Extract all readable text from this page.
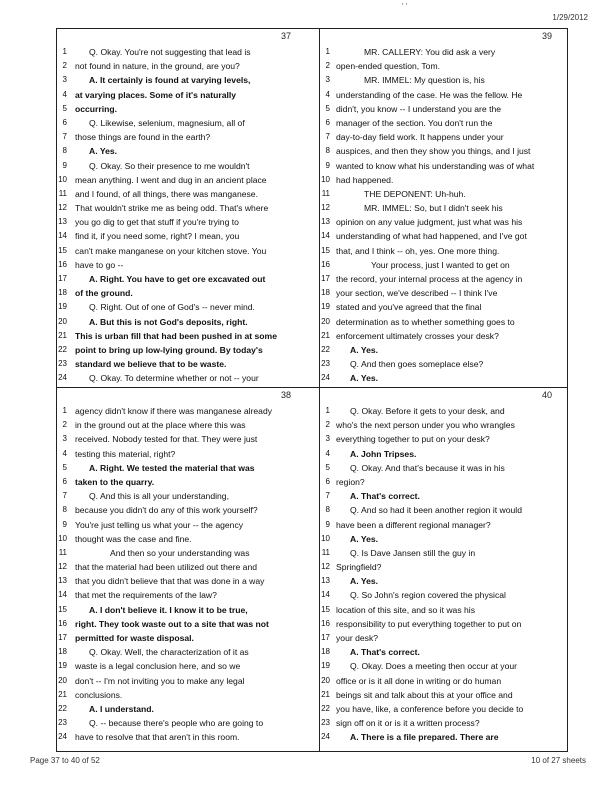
' '
1/29/2012
37
1	Q. Okay. You're not suggesting that lead is
2 not found in nature, in the ground, are you?
3	A. It certainly is found at varying levels,
4 at varying places. Some of it's naturally
5 occurring.
6	Q. Likewise, selenium, magnesium, all of
7 those things are found in the earth?
8	A. Yes.
9	Q. Okay. So their presence to me wouldn't
10 mean anything. I went and dug in an ancient place
11 and I found, of all things, there was manganese.
12 That wouldn't strike me as being odd. That's where
13 you go dig to get that stuff if you're trying to
14 find it, if you need some, right? I mean, you
15 can't make manganese on your kitchen stove. You
16 have to go --
17	A. Right. You have to get ore excavated out
18 of the ground.
19	Q. Right. Out of one of God's -- never mind.
20	A. But this is not God's deposits, right.
21 This is urban fill that had been pushed in at some
22 point to bring up low-lying ground. By today's
23 standard we believe that to be waste.
24	Q. Okay. To determine whether or not -- your
39
1	MR. CALLERY: You did ask a very
2 open-ended question, Tom.
3	MR. IMMEL: My question is, his
4 understanding of the case. He was the fellow. He
5 didn't, you know -- I understand you are the
6 manager of the section. You don't run the
7 day-to-day field work. It happens under your
8 auspices, and then they show you things, and I just
9 wanted to know what his understanding was of what
10 had happened.
11	THE DEPONENT: Uh-huh.
12	MR. IMMEL: So, but I didn't seek his
13 opinion on any value judgment, just what was his
14 understanding of what had happened, and I've got
15 that, and I think -- oh, yes. One more thing.
16	Your process, just I wanted to get on
17 the record, your internal process at the agency in
18 your section, we've described -- I think I've
19 stated and you've agreed that the final
20 determination as to whether something goes to
21 enforcement ultimately crosses your desk?
22 A. Yes.
23 Q. And then goes someplace else?
24 A. Yes.
38
1 agency didn't know if there was manganese already
2 in the ground out at the place where this was
3 received. Nobody tested for that. They were just
4 testing this material, right?
5	A. Right. We tested the material that was
6 taken to the quarry.
7	Q. And this is all your understanding,
8 because you didn't do any of this work yourself?
9 You're just telling us what your -- the agency
10 thought was the case and fine.
11	And then so your understanding was
12 that the material had been utilized out there and
13 that you didn't believe that that was done in a way
14 that met the requirements of the law?
15	A. I don't believe it. I know it to be true,
16 right. They took waste out to a site that was not
17 permitted for waste disposal.
18	Q. Okay. Well, the characterization of it as
19 waste is a legal conclusion here, and so we
20 don't -- I'm not inviting you to make any legal
21 conclusions.
22	A. I understand.
23	Q. -- because there's people who are going to
24 have to resolve that that aren't in this room.
40
1 Q. Okay. Before it gets to your desk, and
2 who's the next person under you who wrangles
3 everything together to put on your desk?
4 A. John Tripses.
5 Q. Okay. And that's because it was in his
6 region?
7 A. That's correct.
8 Q. And so had it been another region it would
9 have been a different regional manager?
10 A. Yes.
11 Q. Is Dave Jansen still the guy in
12 Springfield?
13 A. Yes.
14 Q. So John's region covered the physical
15 location of this site, and so it was his
16 responsibility to put everything together to put on
17 your desk?
18 A. That's correct.
19 Q. Okay. Does a meeting then occur at your
20 office or is it all done in writing or do human
21 beings sit and talk about this at your office and
22 you have, like, a conference before you decide to
23 sign off on it or is it a written process?
24 A. There is a file prepared. There are
Page 37 to 40 of 52	10 of 27 sheets
